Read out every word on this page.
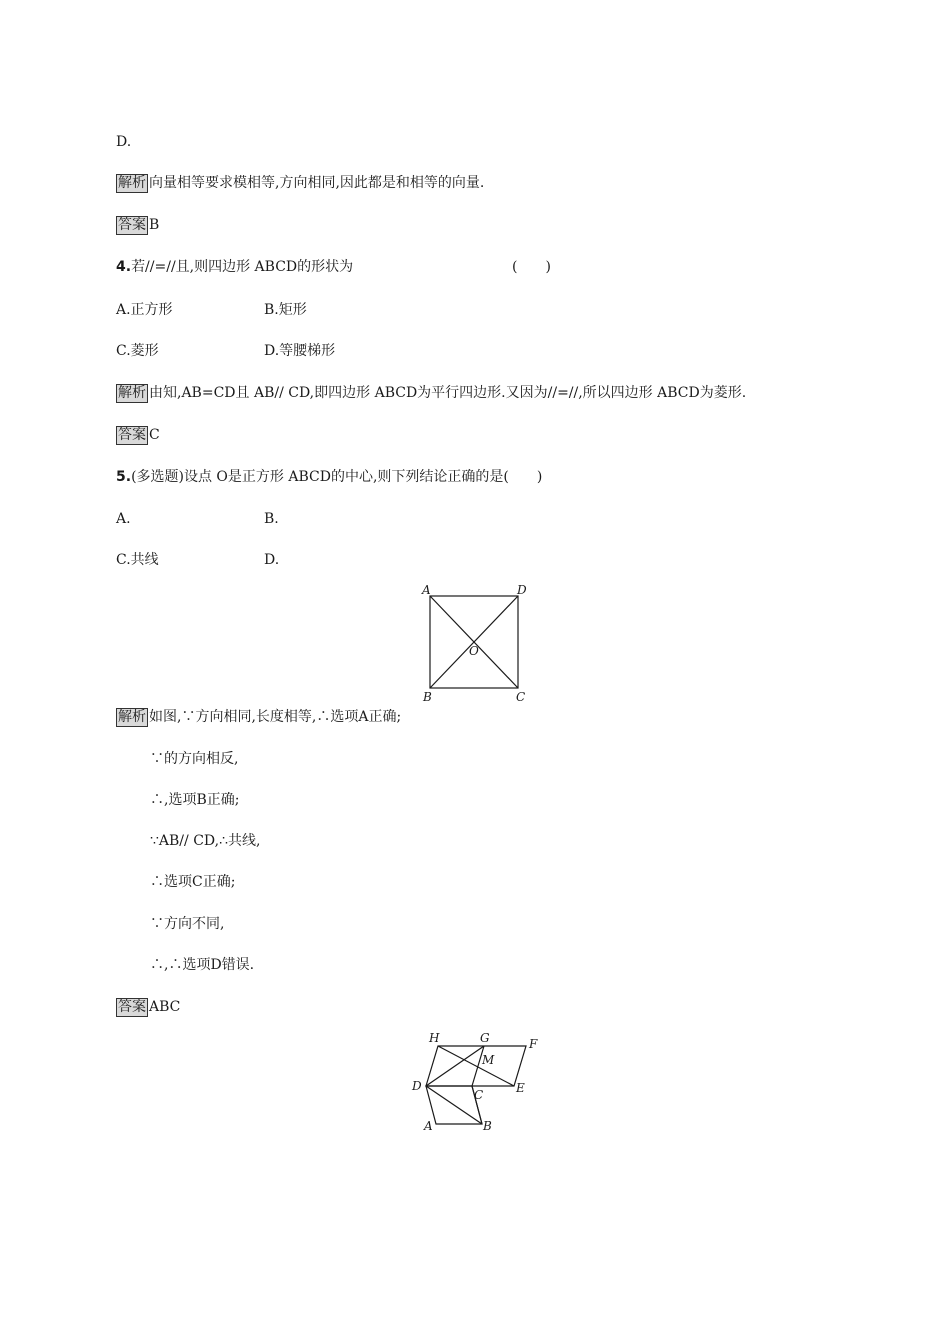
D.
解析 向量相等要求模相等,方向相同,因此都是和相等的向量.
答案 B
4.若//=//且,则四边形 ABCD的形状为	(　　)
A.正方形	B.矩形
C.菱形	D.等腰梯形
解析 由知,AB=CD且 AB// CD,即四边形 ABCD为平行四边形.又因为//=//,所以四边形 ABCD为菱形.
答案 C
5.(多选题)设点 O是正方形 ABCD的中心,则下列结论正确的是(　　)
A.	B.
C.共线	D.
A	D
B	C
O
解析 如图,∵方向相同,长度相等,∴选项A正确;
∵的方向相反,
∴,选项B正确;
∵AB// CD,∴共线,
∴选项C正确;
∵方向不同,
∴,∴选项D错误.
答案 ABC
H	G	F
M
D
C	E
A	B
